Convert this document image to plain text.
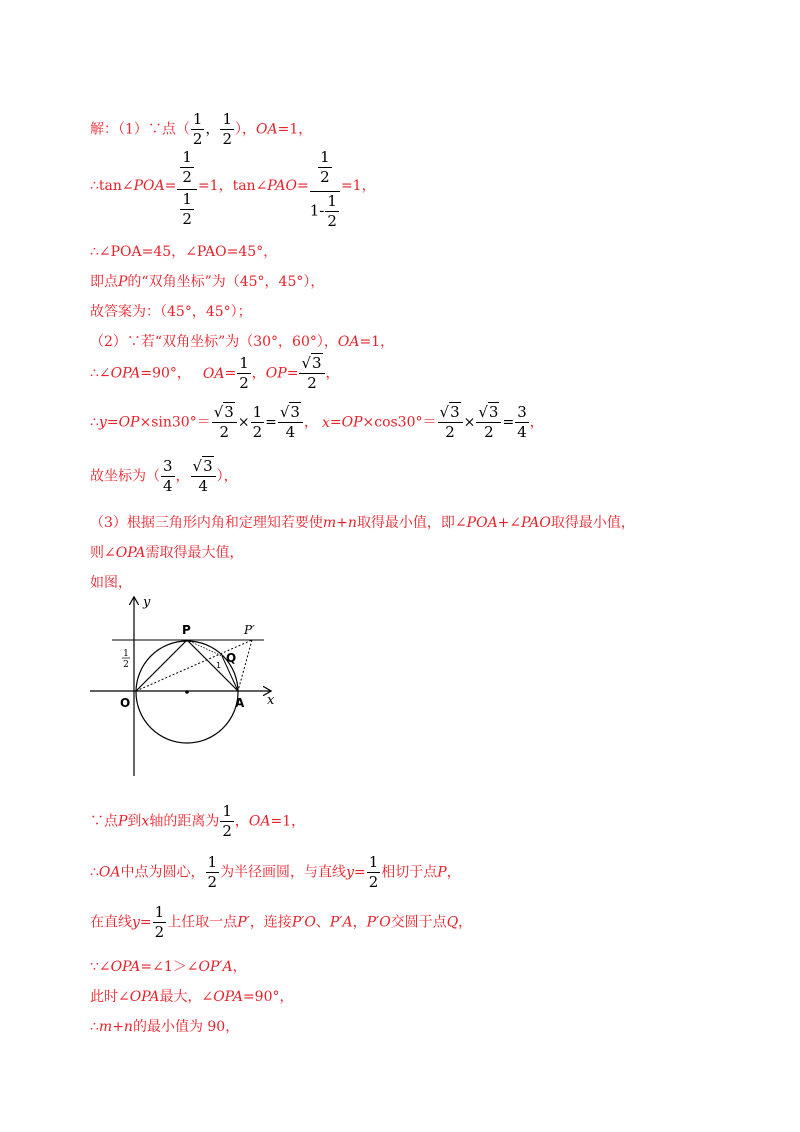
解：（1）∵点（ $\frac{1}{2}$ ， $\frac{1}{2}$ ），OA=1，
∴tan∠POA= $\frac{\frac{1}{2}}{\frac{1}{2}} =1$，tan∠PAO= $\frac{\frac{1}{2}}{1- \frac{1}{2}} =1$，
∴∠POA=45，∠PAO=45°，
即点P的“双角坐标”为（45°，45°），
故答案为：（45°，45°）；
（2）∵若“双角坐标”为（30°，60°），OA=1，
∴∠OPA=90°， $OA= \frac{1}{2}$ ，$OP= \frac{√3}{2}$ ，
∴y=OP×sin30°＝ $\frac{√3}{2} \times \frac{1}{2} = \frac{√3}{4}$ ， $x=OP\times\cos 30^\circ= \frac{√3}{2} \times \frac{√3}{2} = \frac{3}{4}$ ，
故坐标为（ $\frac{3}{4}$ ， $\frac{√3}{4}$ ），
（3）根据三角形内角和定理知若要使m+n取得最小值，即∠POA+∠PAO取得最小值，
则∠OPA需取得最大值，
如图，
1
2
y
x
P	P′
Q
1
O	A
∵点P到x轴的距离为 $\frac{1}{2}$ ，OA=1，
∴OA中点为圆心， $\frac{1}{2}$ 为半径画圆，与直线$y= \frac{1}{2}$ 相切于点P，
在直线$y= \frac{1}{2}$ 上任取一点P′，连接P′O、P′A，P′O交圆于点Q，
∵∠OPA=∠1＞∠OP′A，
此时∠OPA最大，∠OPA=90°，
∴m+n的最小值为 90，
